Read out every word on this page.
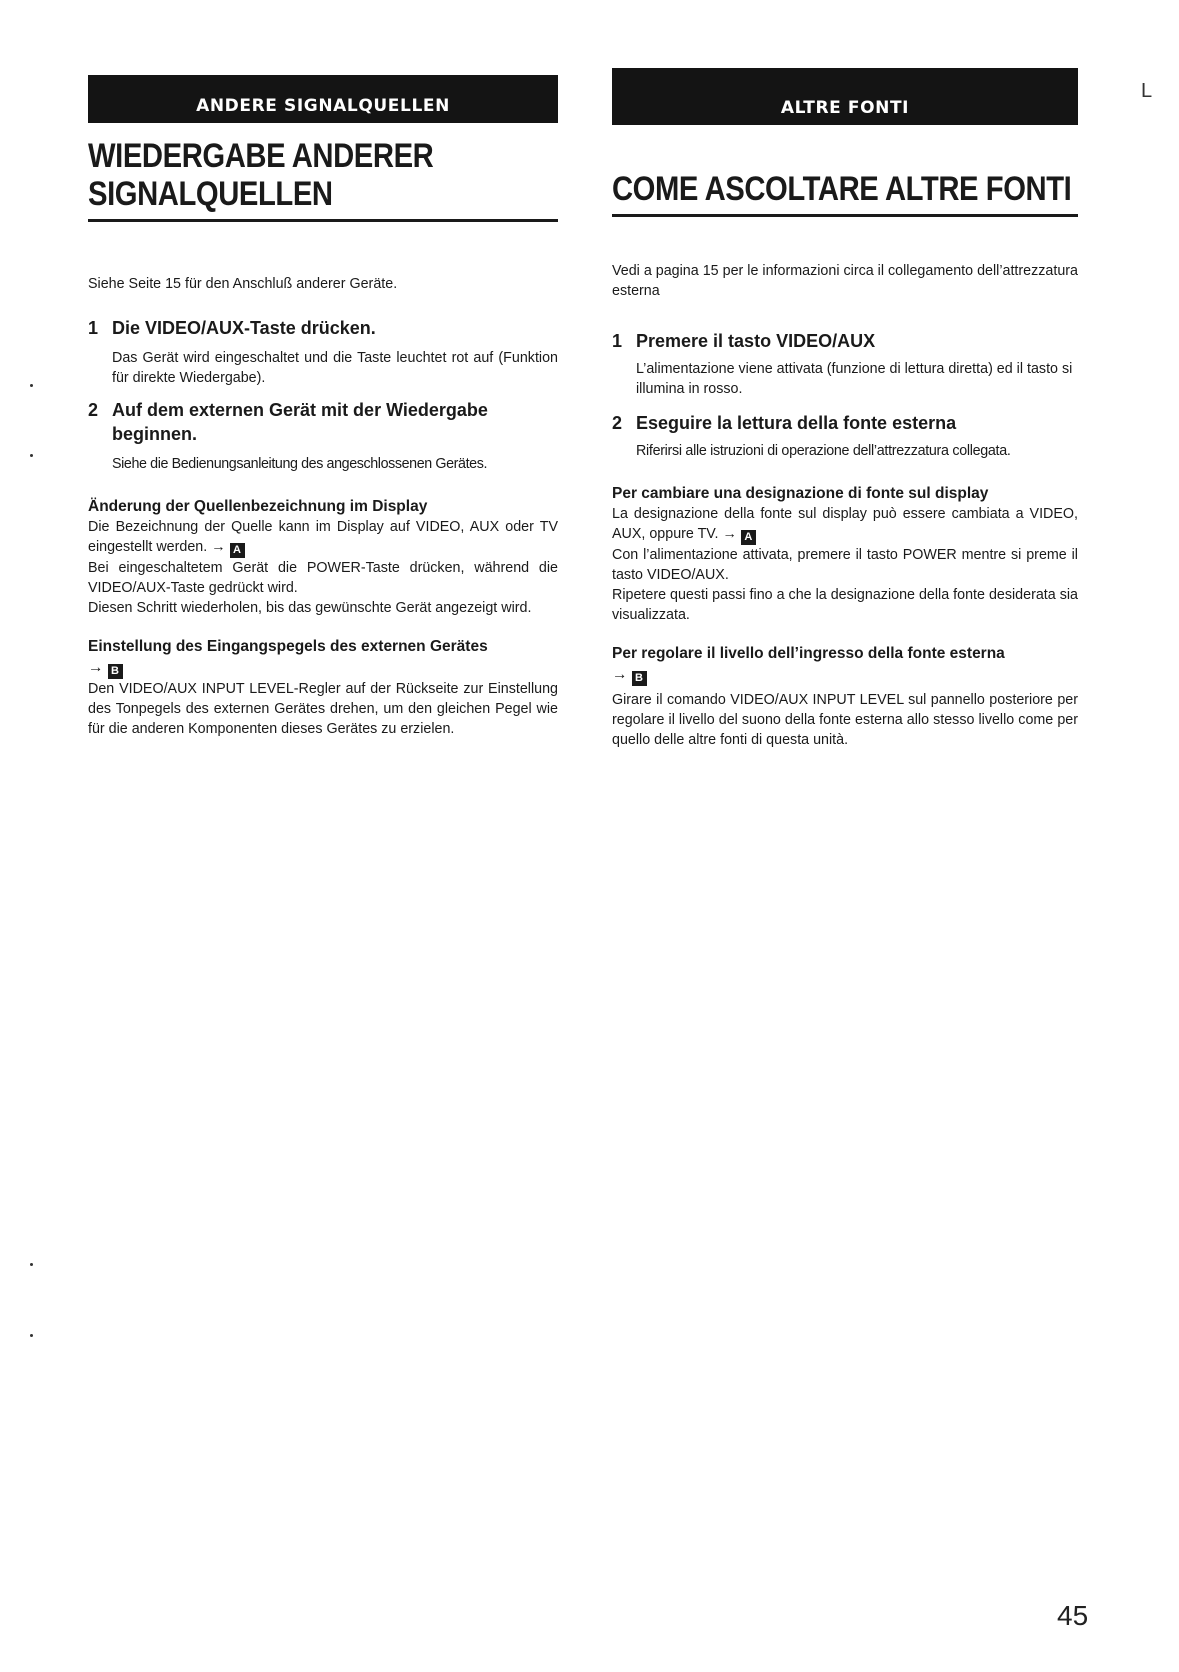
ANDERE SIGNALQUELLEN
WIEDERGABE ANDERER
SIGNALQUELLEN

Siehe Seite 15 für den Anschluß anderer Geräte.

1 Die VIDEO/AUX-Taste drücken.

Das Gerät wird eingeschaltet und die Taste leuchtet rot auf (Funktion für direkte Wiedergabe).

2 Auf dem externen Gerät mit der Wiedergabe beginnen.

Siehe die Bedienungsanleitung des angeschlossenen Gerätes.

Änderung der Quellenbezeichnung im Display

Die Bezeichnung der Quelle kann im Display auf VIDEO, AUX oder TV eingestellt werden. → A

Bei eingeschaltetem Gerät die POWER-Taste drücken, während die VIDEO/AUX-Taste gedrückt wird.

Diesen Schritt wiederholen, bis das gewünschte Gerät angezeigt wird.

Einstellung des Eingangspegels des externen Gerätes
→ B

Den VIDEO/AUX INPUT LEVEL-Regler auf der Rückseite zur Einstellung des Tonpegels des externen Gerätes drehen, um den gleichen Pegel wie für die anderen Komponenten dieses Gerätes zu erzielen.

ALTRE FONTI
COME ASCOLTARE ALTRE FONTI

Vedi a pagina 15 per le informazioni circa il collegamento dell’attrezzatura esterna

1 Premere il tasto VIDEO/AUX

L’alimentazione viene attivata (funzione di lettura diretta) ed il tasto si illumina in rosso.

2 Eseguire la lettura della fonte esterna

Riferirsi alle istruzioni di operazione dell’attrezzatura collegata.

Per cambiare una designazione di fonte sul display

La designazione della fonte sul display può essere cambiata a VIDEO, AUX, oppure TV. → A

Con l’alimentazione attivata, premere il tasto POWER mentre si preme il tasto VIDEO/AUX.

Ripetere questi passi fino a che la designazione della fonte desiderata sia visualizzata.

Per regolare il livello dell’ingresso della fonte esterna
→ B

Girare il comando VIDEO/AUX INPUT LEVEL sul pannello posteriore per regolare il livello del suono della fonte esterna allo stesso livello come per quello delle altre fonti di questa unità.

L
45
